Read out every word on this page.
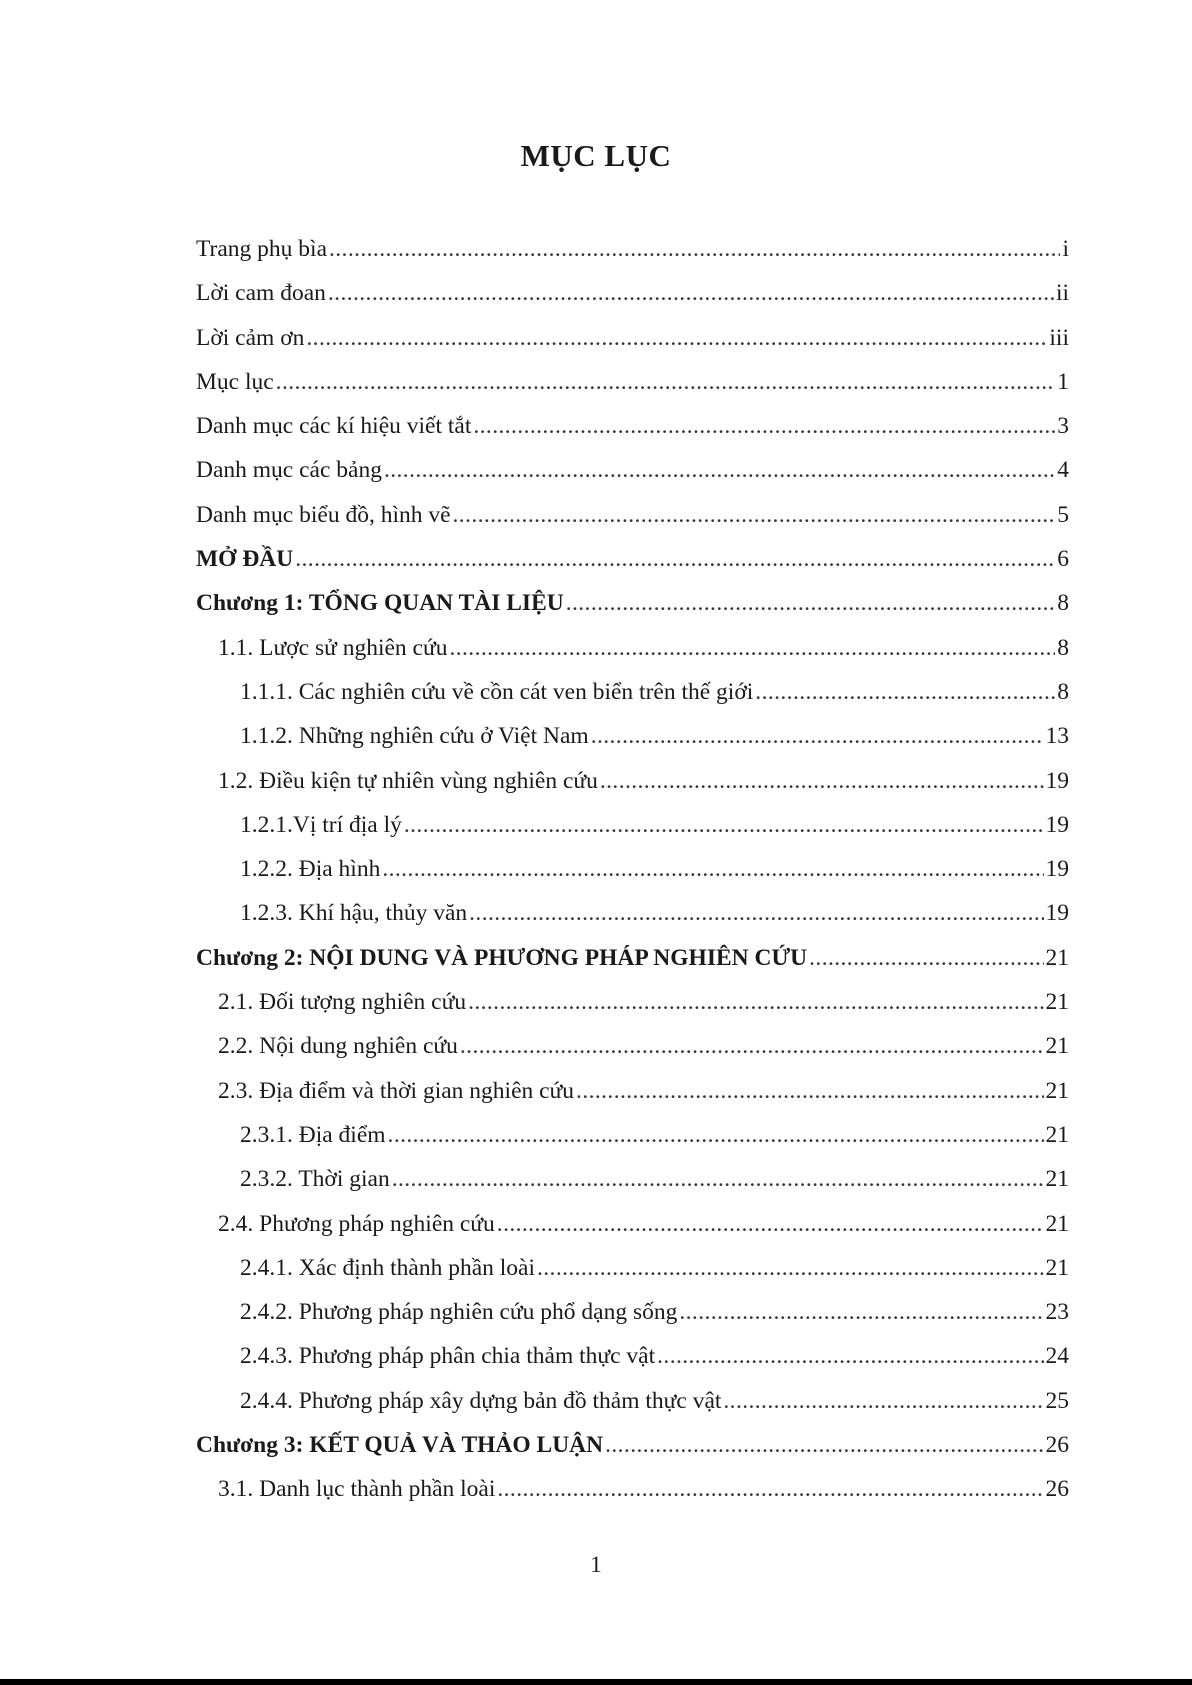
MỤC LỤC
Trang phụ bìa .....	i
Lời cam đoan .....	ii
Lời cảm ơn .....	iii
Mục lục .....	1
Danh mục các kí hiệu viết tắt .....	3
Danh mục các bảng .....	4
Danh mục biểu đồ, hình vẽ .....	5
MỞ ĐẦU .....	6
Chương 1: TỔNG QUAN TÀI LIỆU .....	8
1.1. Lược sử nghiên cứu .....	8
1.1.1. Các nghiên cứu về cồn cát ven biển trên thế giới .....	8
1.1.2. Những nghiên cứu ở Việt Nam .....	13
1.2. Điều kiện tự nhiên vùng nghiên cứu .....	19
1.2.1.Vị trí địa lý .....	19
1.2.2. Địa hình .....	19
1.2.3. Khí hậu, thủy văn .....	19
Chương 2: NỘI DUNG VÀ PHƯƠNG PHÁP NGHIÊN CỨU .....	21
2.1. Đối tượng nghiên cứu .....	21
2.2. Nội dung nghiên cứu .....	21
2.3. Địa điểm và thời gian nghiên cứu .....	21
2.3.1. Địa điểm .....	21
2.3.2. Thời gian .....	21
2.4. Phương pháp nghiên cứu .....	21
2.4.1. Xác định thành phần loài .....	21
2.4.2. Phương pháp nghiên cứu phổ dạng sống .....	23
2.4.3. Phương pháp phân chia thảm thực vật .....	24
2.4.4. Phương pháp xây dựng bản đồ thảm thực vật .....	25
Chương 3: KẾT QUẢ VÀ THẢO LUẬN .....	26
3.1. Danh lục thành phần loài .....	26
1
